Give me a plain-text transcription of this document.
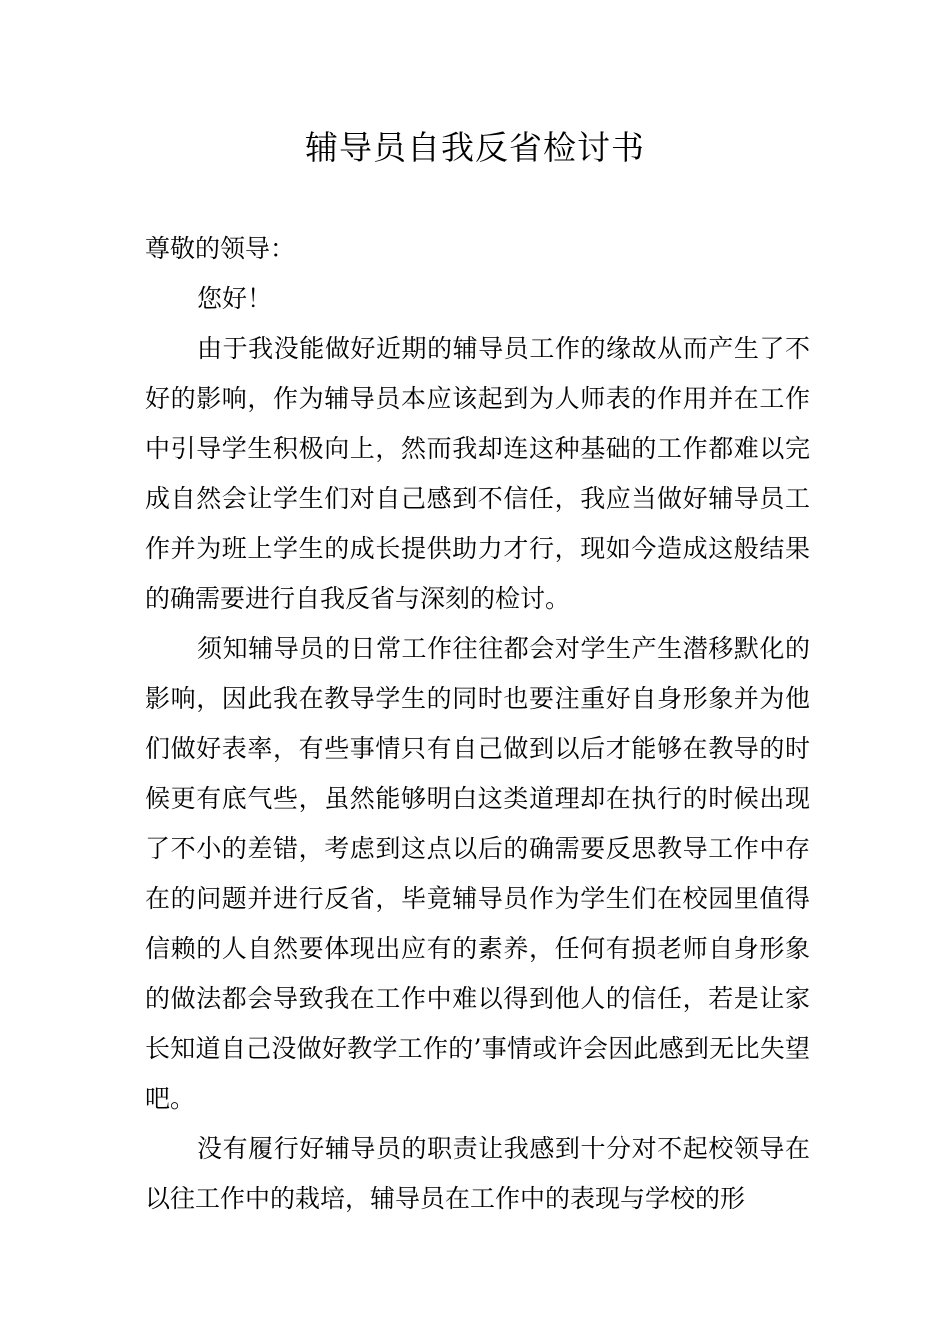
辅导员自我反省检讨书

尊敬的领导：

您好！

由于我没能做好近期的辅导员工作的缘故从而产生了不好的影响，作为辅导员本应该起到为人师表的作用并在工作中引导学生积极向上，然而我却连这种基础的工作都难以完成自然会让学生们对自己感到不信任，我应当做好辅导员工作并为班上学生的成长提供助力才行，现如今造成这般结果的确需要进行自我反省与深刻的检讨。

须知辅导员的日常工作往往都会对学生产生潜移默化的影响，因此我在教导学生的同时也要注重好自身形象并为他们做好表率，有些事情只有自己做到以后才能够在教导的时候更有底气些，虽然能够明白这类道理却在执行的时候出现了不小的差错，考虑到这点以后的确需要反思教导工作中存在的问题并进行反省，毕竟辅导员作为学生们在校园里值得信赖的人自然要体现出应有的素养，任何有损老师自身形象的做法都会导致我在工作中难以得到他人的信任，若是让家长知道自己没做好教学工作的’事情或许会因此感到无比失望吧。

没有履行好辅导员的职责让我感到十分对不起校领导在以往工作中的栽培，辅导员在工作中的表现与学校的形
